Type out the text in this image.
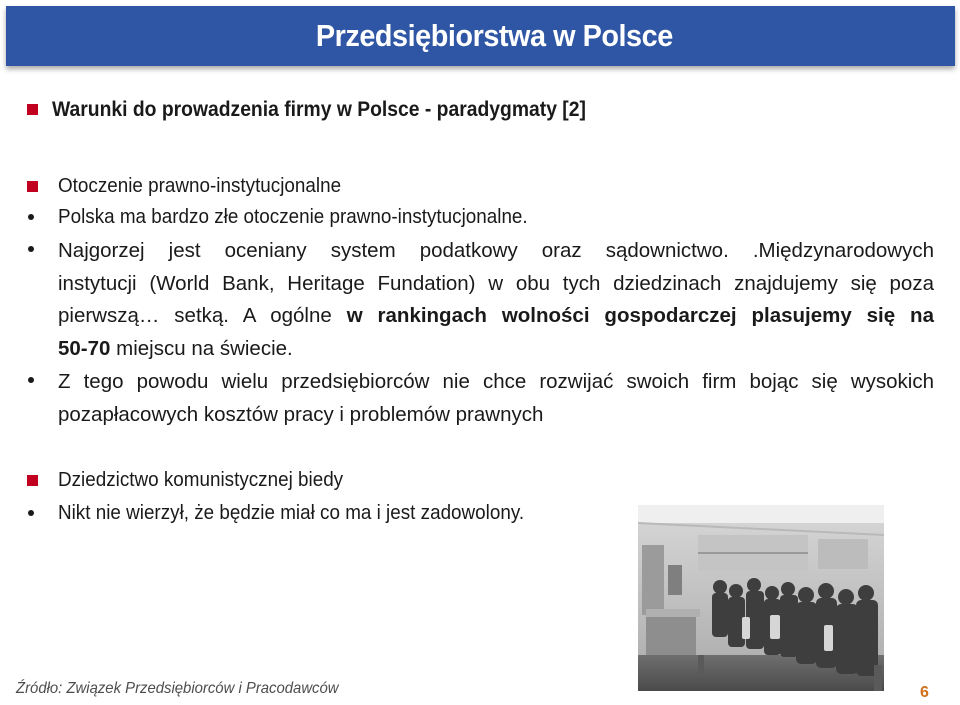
Przedsiębiorstwa w Polsce
Warunki do prowadzenia firmy w Polsce - paradygmaty [2]
Otoczenie prawno-instytucjonalne
Polska ma bardzo złe otoczenie prawno-instytucjonalne.
Najgorzej jest oceniany system podatkowy oraz sądownictwo. .Międzynarodowych
instytucji (World Bank, Heritage Fundation) w obu tych dziedzinach znajdujemy się poza
pierwszą… setką. A ogólne w rankingach wolności gospodarczej plasujemy się na
50-70 miejscu na świecie.
Z tego powodu wielu przedsiębiorców nie chce rozwijać swoich firm bojąc się wysokich
pozapłacowych kosztów pracy i problemów prawnych
Dziedzictwo komunistycznej biedy
Nikt nie wierzył, że będzie miał co ma i jest zadowolony.
Źródło: Związek Przedsiębiorców i Pracodawców	6
